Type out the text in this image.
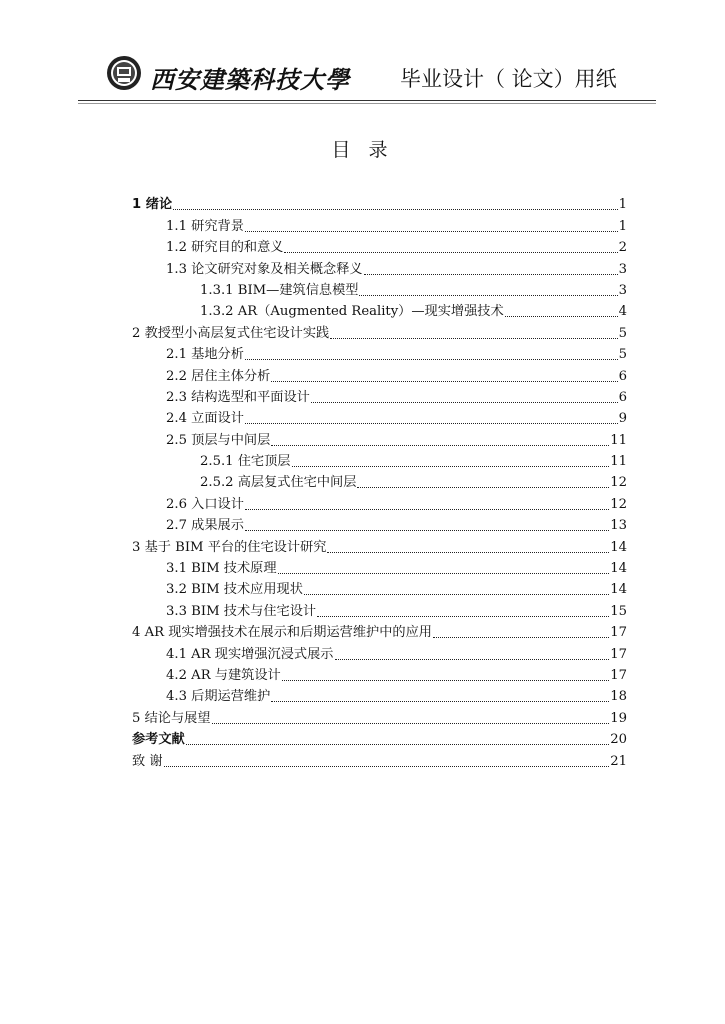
西安建築科技大學 毕业设计（ 论文）用纸
目 录
1 绪论	1
1.1 研究背景	1
1.2 研究目的和意义	2
1.3 论文研究对象及相关概念释义	3
1.3.1 BIM—建筑信息模型	3
1.3.2 AR（Augmented Reality）—现实增强技术	4
2 教授型小高层复式住宅设计实践	5
2.1 基地分析	5
2.2 居住主体分析	6
2.3 结构选型和平面设计	6
2.4 立面设计	9
2.5 顶层与中间层	11
2.5.1 住宅顶层	11
2.5.2 高层复式住宅中间层	12
2.6 入口设计	12
2.7 成果展示	13
3 基于 BIM 平台的住宅设计研究	14
3.1 BIM 技术原理	14
3.2 BIM 技术应用现状	14
3.3 BIM 技术与住宅设计	15
4 AR 现实增强技术在展示和后期运营维护中的应用	17
4.1 AR 现实增强沉浸式展示	17
4.2 AR 与建筑设计	17
4.3 后期运营维护	18
5 结论与展望	19
参考文献	20
致 谢	21
